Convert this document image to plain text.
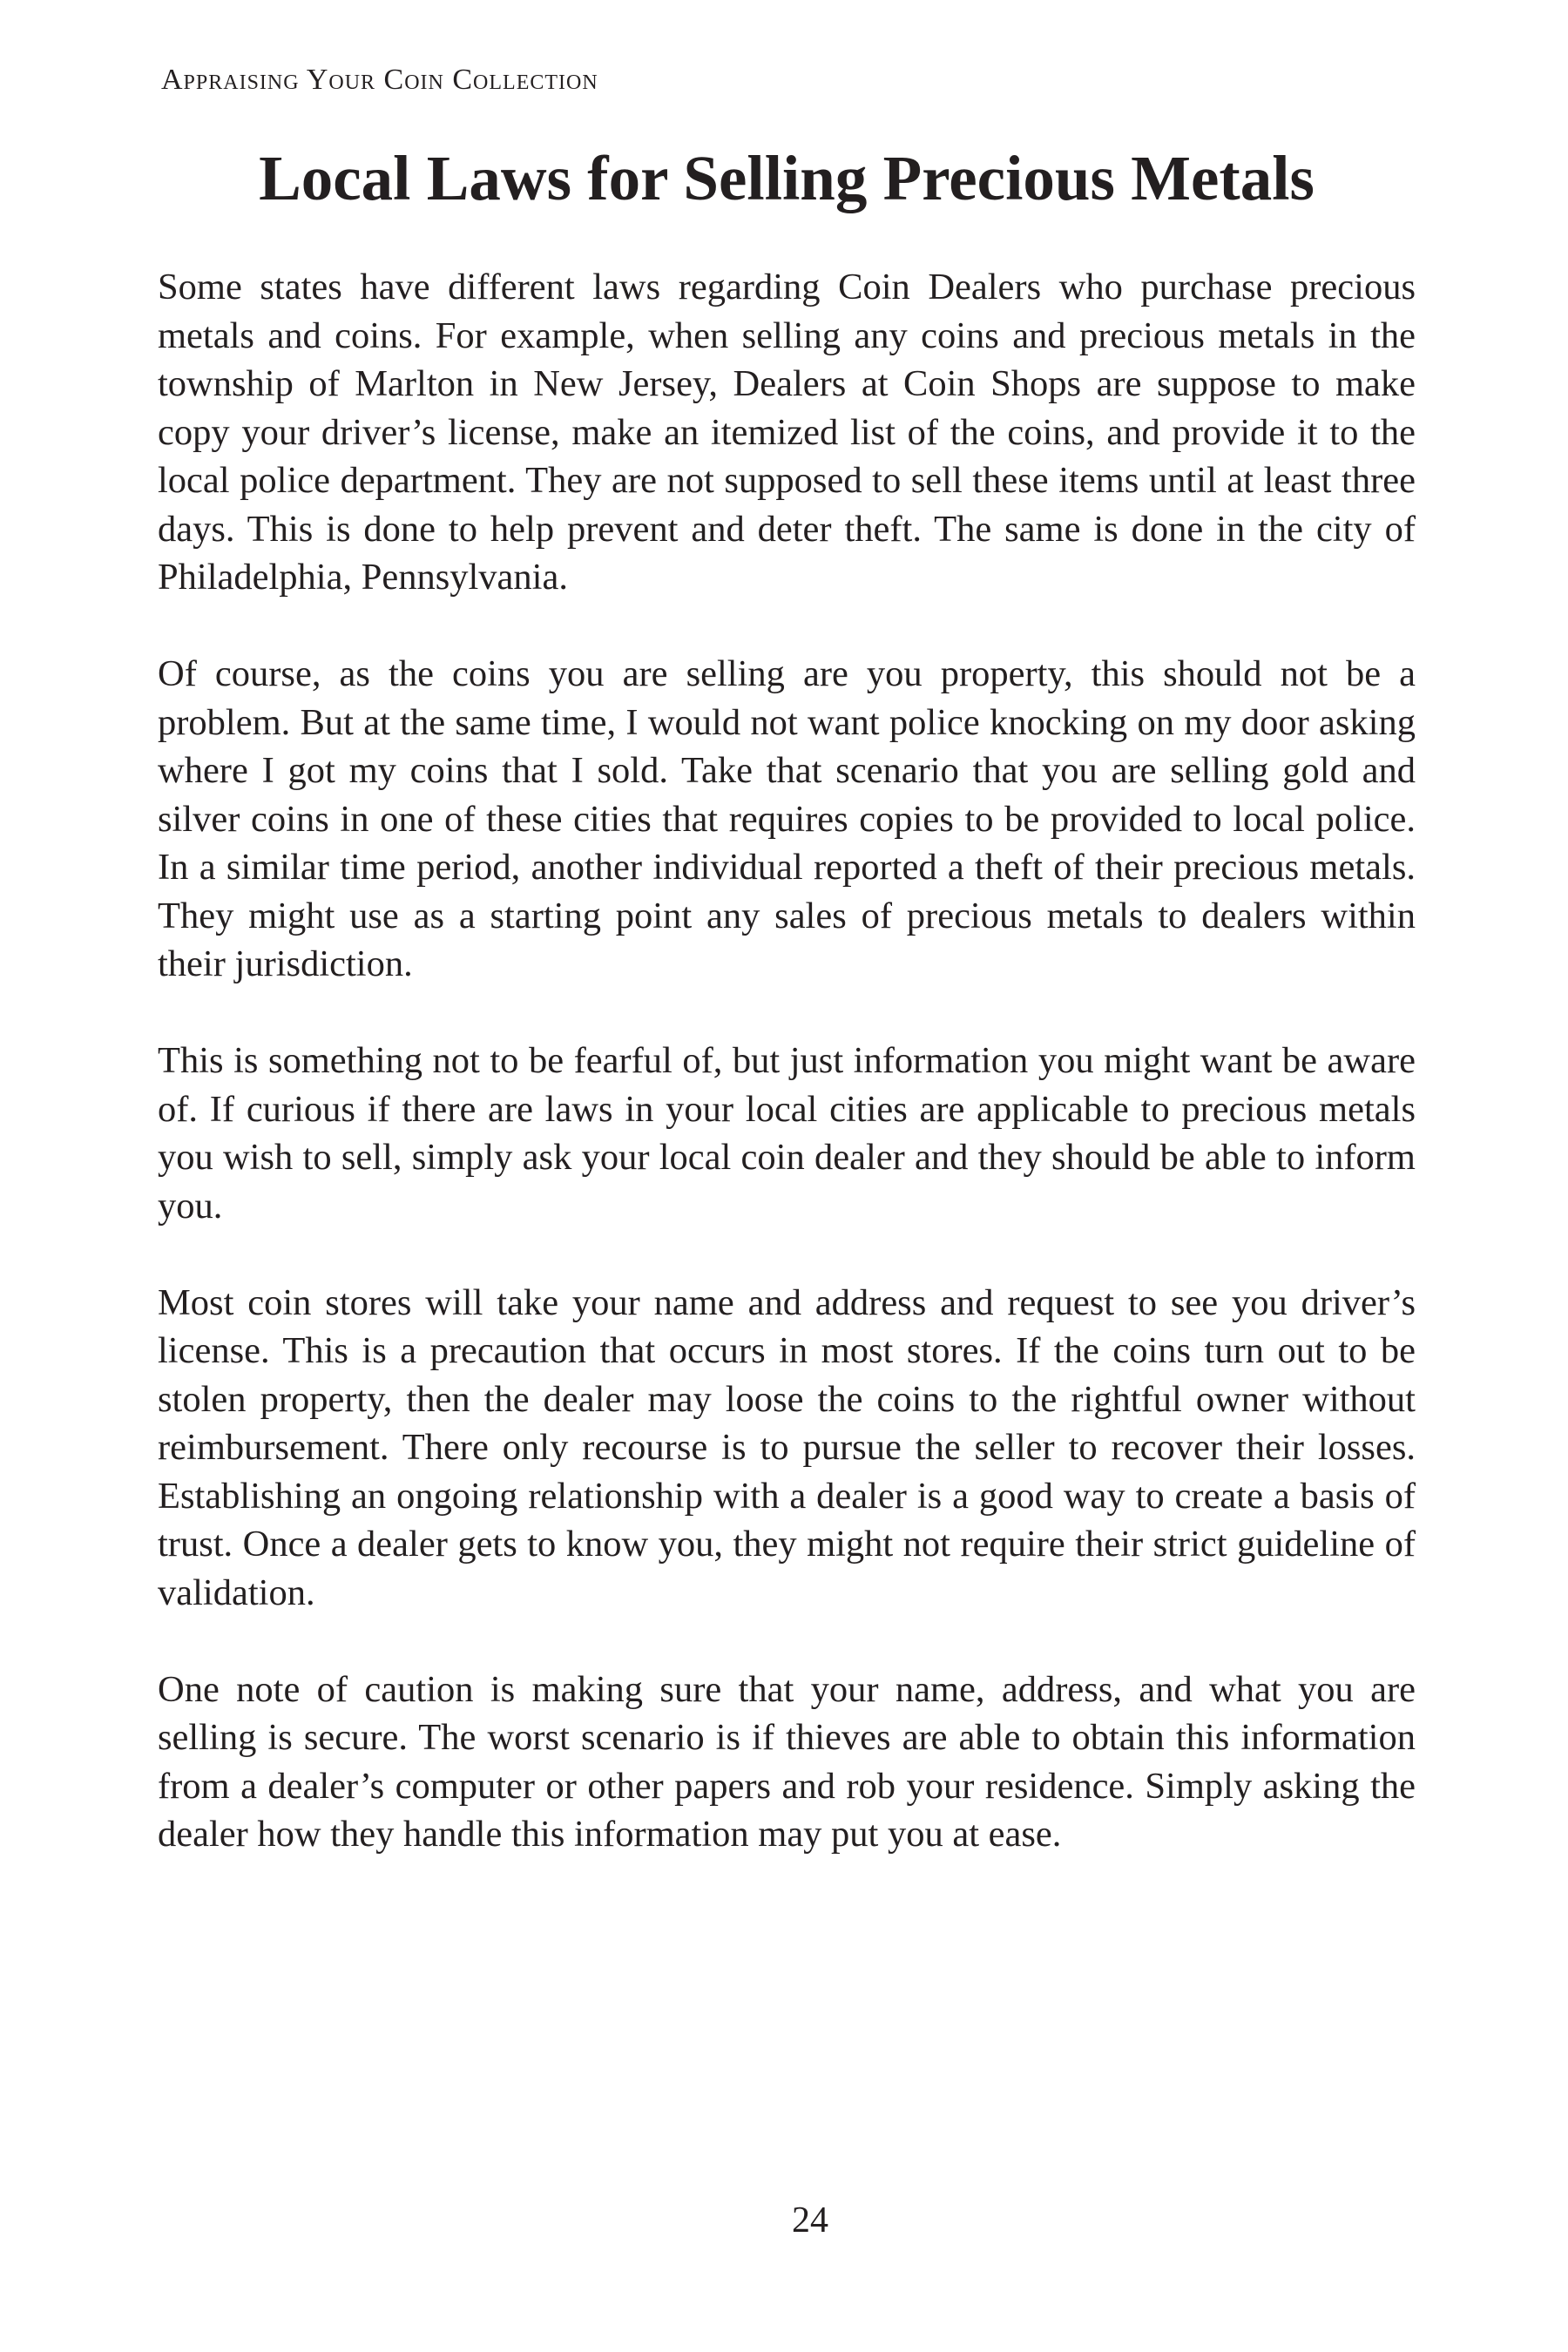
Appraising Your Coin Collection
Local Laws for Selling Precious Metals

Some states have different laws regarding Coin Dealers who purchase precious metals and coins. For example, when selling any coins and precious metals in the township of Marlton in New Jersey, Dealers at Coin Shops are suppose to make copy your driver’s license, make an itemized list of the coins, and provide it to the local police department. They are not supposed to sell these items until at least three days. This is done to help prevent and deter theft. The same is done in the city of Philadelphia, Pennsylvania.

Of course, as the coins you are selling are you property, this should not be a problem. But at the same time, I would not want police knocking on my door asking where I got my coins that I sold. Take that scenario that you are selling gold and silver coins in one of these cities that requires copies to be provided to local police. In a similar time period, another individual reported a theft of their precious metals. They might use as a starting point any sales of precious metals to dealers within their jurisdiction.

This is something not to be fearful of, but just information you might want be aware of. If curious if there are laws in your local cities are applicable to precious metals you wish to sell, simply ask your local coin dealer and they should be able to inform you.

Most coin stores will take your name and address and request to see you driver’s license. This is a precaution that occurs in most stores. If the coins turn out to be stolen property, then the dealer may loose the coins to the rightful owner without reimbursement. There only recourse is to pursue the seller to recover their losses. Establishing an ongoing relationship with a dealer is a good way to create a basis of trust. Once a dealer gets to know you, they might not require their strict guideline of validation.

One note of caution is making sure that your name, address, and what you are selling is secure. The worst scenario is if thieves are able to obtain this information from a dealer’s computer or other papers and rob your residence. Simply asking the dealer how they handle this information may put you at ease.

24
